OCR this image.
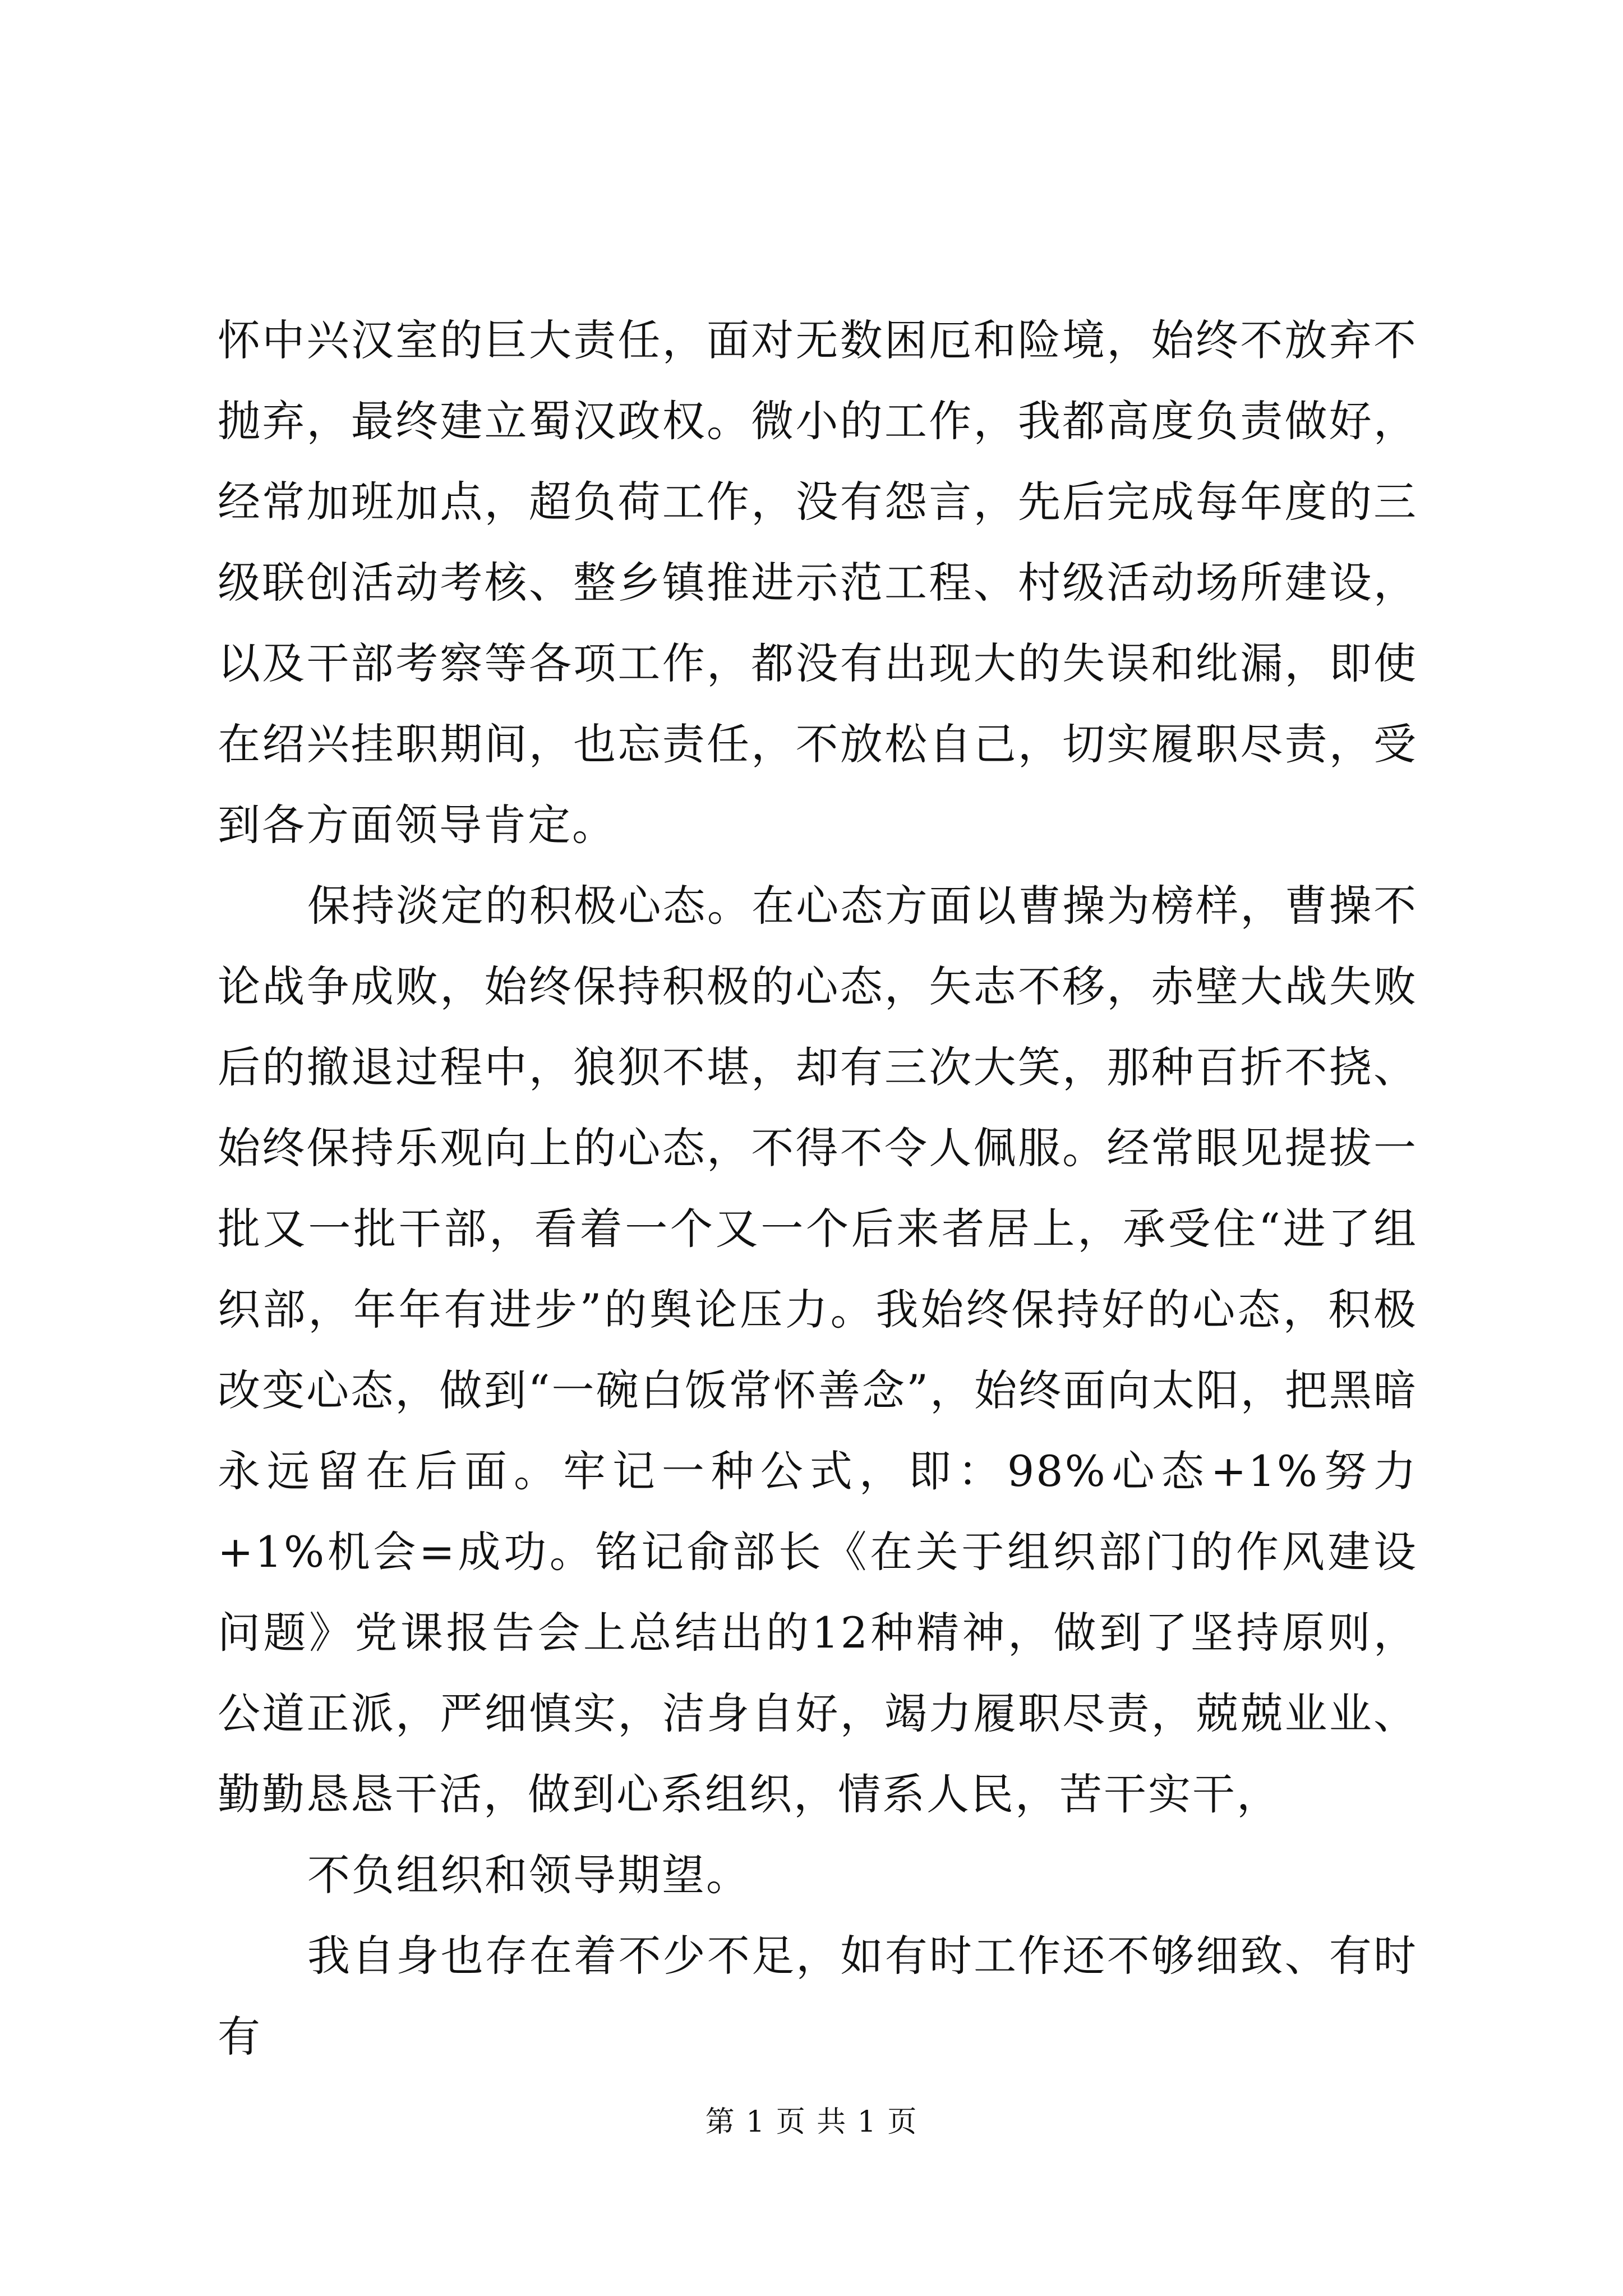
怀中兴汉室的巨大责任，面对无数困厄和险境，始终不放弃不抛弃，最终建立蜀汉政权。微小的工作，我都高度负责做好，经常加班加点，超负荷工作，没有怨言，先后完成每年度的三级联创活动考核、整乡镇推进示范工程、村级活动场所建设，以及干部考察等各项工作，都没有出现大的失误和纰漏，即使在绍兴挂职期间，也忘责任，不放松自己，切实履职尽责，受到各方面领导肯定。

保持淡定的积极心态。在心态方面以曹操为榜样，曹操不论战争成败，始终保持积极的心态，矢志不移，赤壁大战失败后的撤退过程中，狼狈不堪，却有三次大笑，那种百折不挠、始终保持乐观向上的心态，不得不令人佩服。经常眼见提拔一批又一批干部，看着一个又一个后来者居上，承受住“进了组织部，年年有进步”的舆论压力。我始终保持好的心态，积极改变心态，做到“一碗白饭常怀善念”，始终面向太阳，把黑暗永远留在后面。牢记一种公式，即：98%心态+1%努力+1%机会=成功。铭记俞部长《在关于组织部门的作风建设问题》党课报告会上总结出的12种精神，做到了坚持原则，公道正派，严细慎实，洁身自好，竭力履职尽责，兢兢业业、勤勤恳恳干活，做到心系组织，情系人民，苦干实干，

不负组织和领导期望。

我自身也存在着不少不足，如有时工作还不够细致、有时有

第 1 页 共 1 页
